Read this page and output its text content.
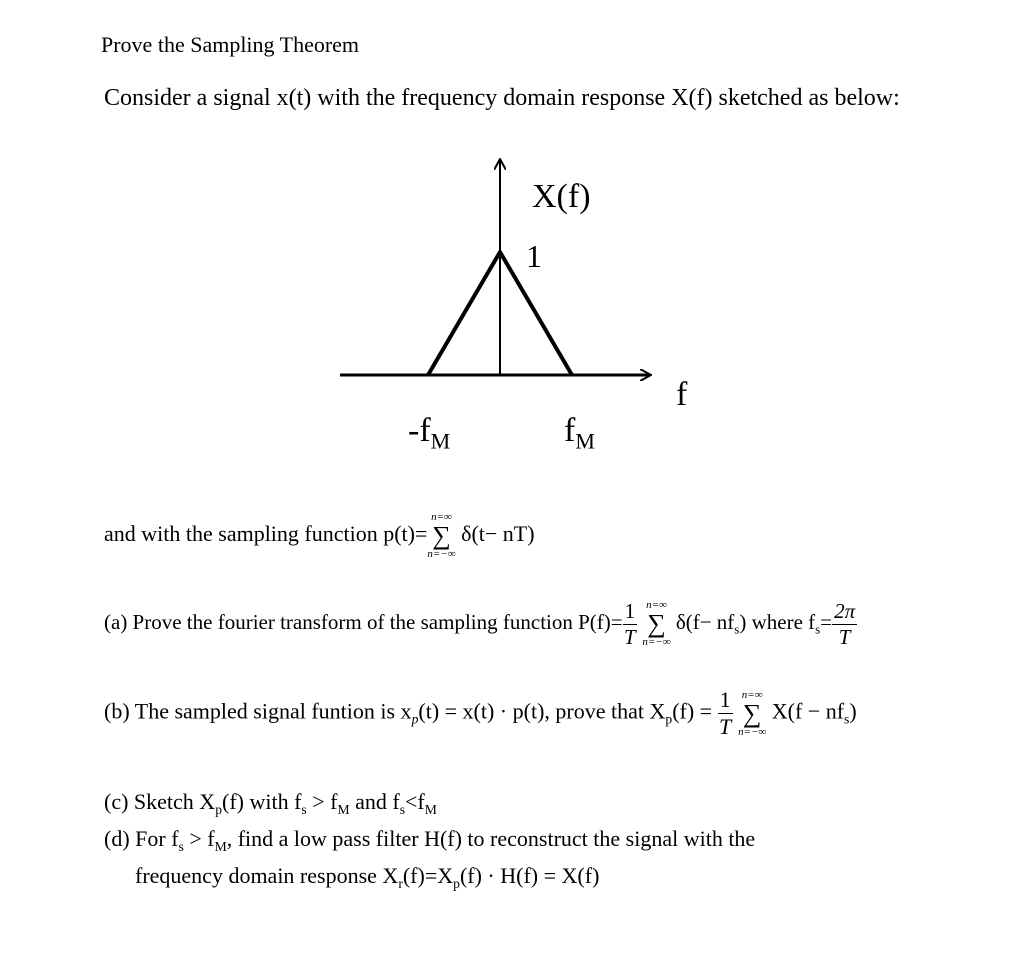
Prove the Sampling Theorem
Consider a signal x(t) with the frequency domain response X(f) sketched as below:
X(f)
1
f
$-f_M$	$f_M$
and with the sampling function p(t)=
n=∞
∑
n=−∞
δ(t− nT)
(a) Prove the fourier transform of the sampling function $P(f)= \frac{1}{T}$
n=∞
∑
n=−∞
$\delta(f- nf_s)$ where $f_s= \frac{2\pi}{T}$
(b) The sampled signal funtion is $x_p(t) = x(t) \cdot p(t)$, prove that $X_p(f) = \frac{1}{T}$
n=∞
∑
n=−∞
$X(f - nf_s)$
(c) Sketch $X_p(f)$ with $f_s > f_M$ and $f_s<f_M$
(d) For $f_s > f_M$, find a low pass filter H(f) to reconstruct the signal with the
frequency domain response $X_r(f)=X_p(f) \cdot H(f) = X(f)$
